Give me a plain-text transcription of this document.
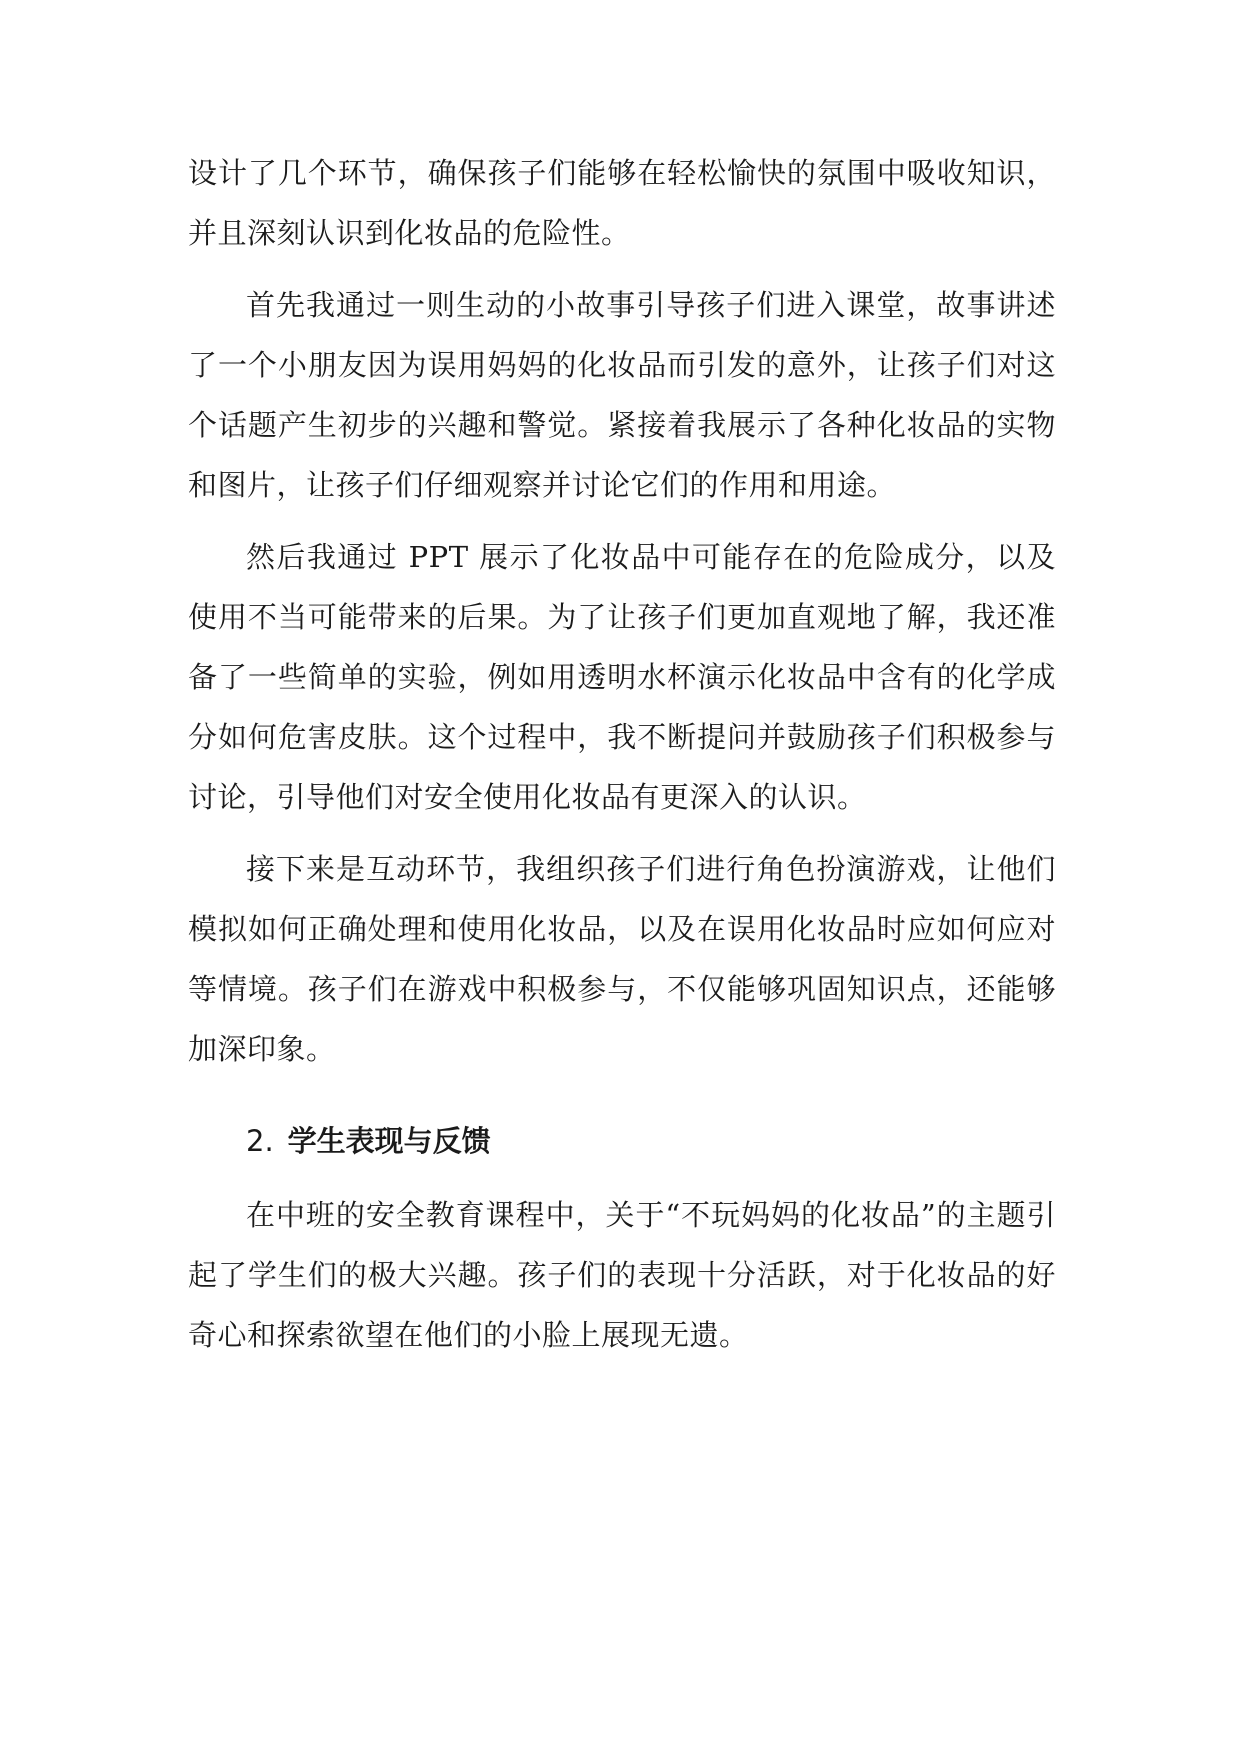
设计了几个环节，确保孩子们能够在轻松愉快的氛围中吸收知识，并且深刻认识到化妆品的危险性。

首先我通过一则生动的小故事引导孩子们进入课堂，故事讲述了一个小朋友因为误用妈妈的化妆品而引发的意外，让孩子们对这个话题产生初步的兴趣和警觉。紧接着我展示了各种化妆品的实物和图片，让孩子们仔细观察并讨论它们的作用和用途。

然后我通过 PPT 展示了化妆品中可能存在的危险成分，以及使用不当可能带来的后果。为了让孩子们更加直观地了解，我还准备了一些简单的实验，例如用透明水杯演示化妆品中含有的化学成分如何危害皮肤。这个过程中，我不断提问并鼓励孩子们积极参与讨论，引导他们对安全使用化妆品有更深入的认识。

接下来是互动环节，我组织孩子们进行角色扮演游戏，让他们模拟如何正确处理和使用化妆品，以及在误用化妆品时应如何应对等情境。孩子们在游戏中积极参与，不仅能够巩固知识点，还能够加深印象。

2. 学生表现与反馈

在中班的安全教育课程中，关于“不玩妈妈的化妆品”的主题引起了学生们的极大兴趣。孩子们的表现十分活跃，对于化妆品的好奇心和探索欲望在他们的小脸上展现无遗。
